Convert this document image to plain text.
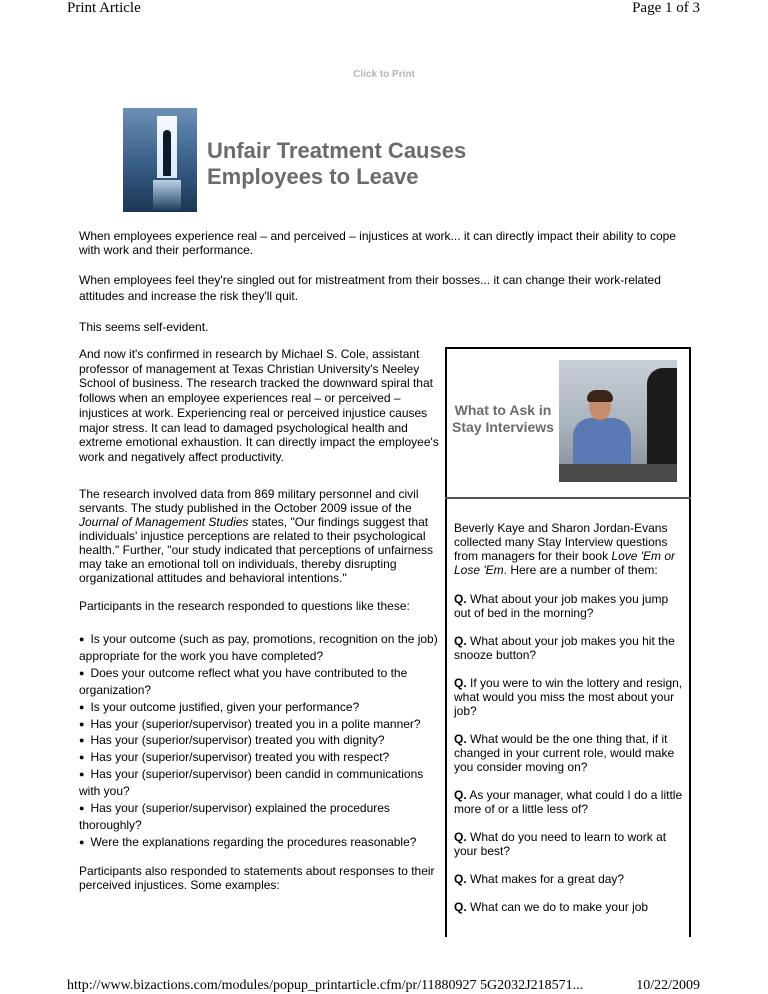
Print Article	Page 1 of 3
Click to Print
Unfair Treatment Causes
Employees to Leave

When employees experience real – and perceived – injustices at work... it can directly impact their ability to cope with work and their performance.

When employees feel they're singled out for mistreatment from their bosses... it can change their work-related attitudes and increase the risk they'll quit.

This seems self-evident.

And now it's confirmed in research by Michael S. Cole, assistant professor of management at Texas Christian University's Neeley School of business. The research tracked the downward spiral that follows when an employee experiences real – or perceived – injustices at work. Experiencing real or perceived injustice causes major stress. It can lead to damaged psychological health and extreme emotional exhaustion. It can directly impact the employee's work and negatively affect productivity.

The research involved data from 869 military personnel and civil servants. The study published in the October 2009 issue of the Journal of Management Studies states, "Our findings suggest that individuals' injustice perceptions are related to their psychological health." Further, "our study indicated that perceptions of unfairness may take an emotional toll on individuals, thereby disrupting organizational attitudes and behavioral intentions."

Participants in the research responded to questions like these:

● Is your outcome (such as pay, promotions, recognition on the job) appropriate for the work you have completed?
● Does your outcome reflect what you have contributed to the organization?
● Is your outcome justified, given your performance?
● Has your (superior/supervisor) treated you in a polite manner?
● Has your (superior/supervisor) treated you with dignity?
● Has your (superior/supervisor) treated you with respect?
● Has your (superior/supervisor) been candid in communications with you?
● Has your (superior/supervisor) explained the procedures thoroughly?
● Were the explanations regarding the procedures reasonable?

Participants also responded to statements about responses to their perceived injustices. Some examples:

What to Ask in Stay Interviews
Beverly Kaye and Sharon Jordan-Evans collected many Stay Interview questions from managers for their book Love 'Em or Lose 'Em. Here are a number of them:
Q. What about your job makes you jump out of bed in the morning?
Q. What about your job makes you hit the snooze button?
Q. If you were to win the lottery and resign, what would you miss the most about your job?
Q. What would be the one thing that, if it changed in your current role, would make you consider moving on?
Q. As your manager, what could I do a little more of or a little less of?
Q. What do you need to learn to work at your best?
Q. What makes for a great day?
Q. What can we do to make your job
http://www.bizactions.com/modules/popup_printarticle.cfm/pr/11880927 5G2032J218571...	10/22/2009
